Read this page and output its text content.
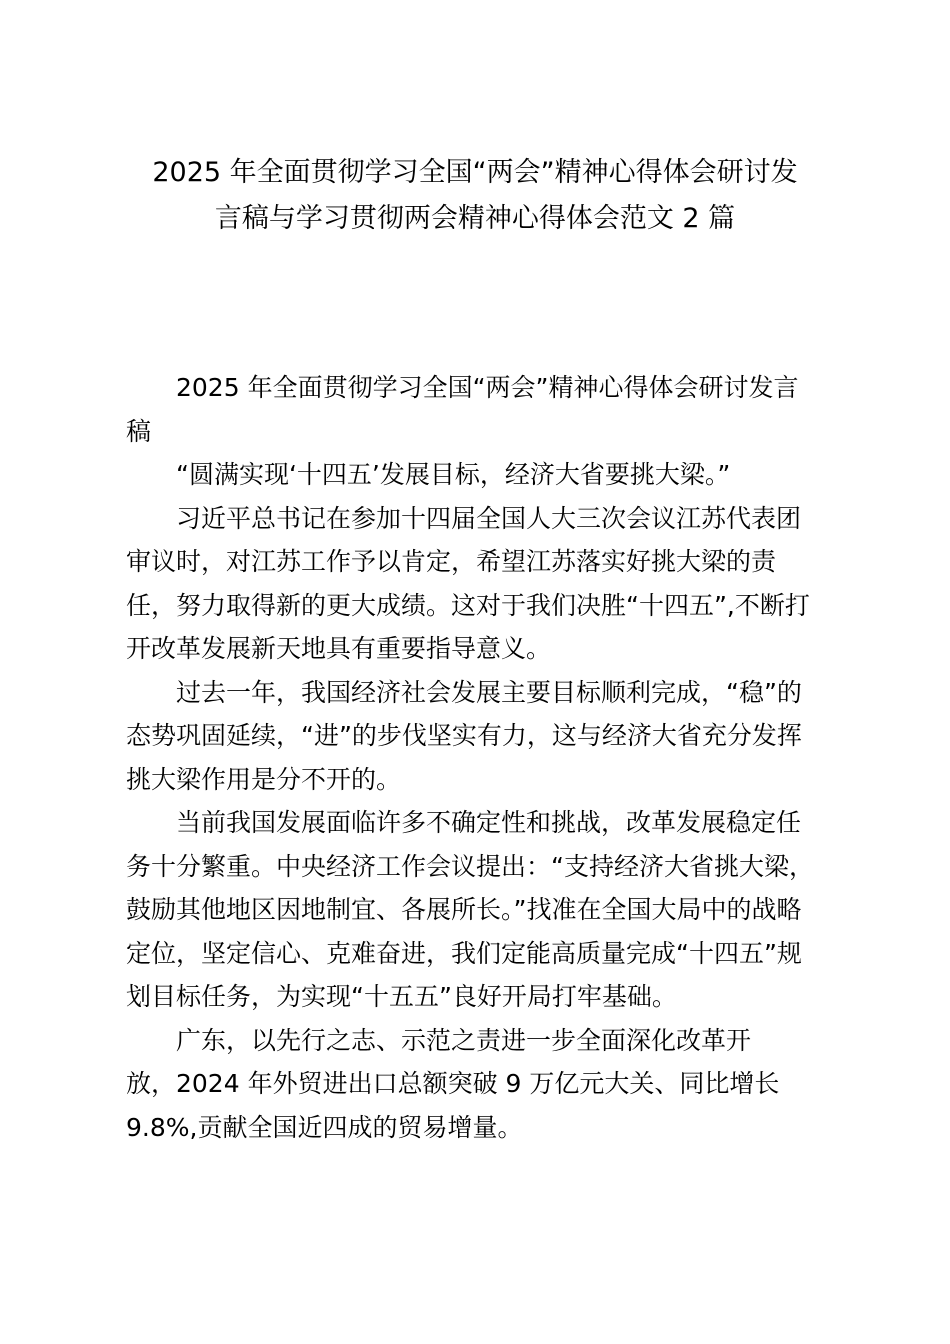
2025 年全面贯彻学习全国“两会”精神心得体会研讨发
言稿与学习贯彻两会精神心得体会范文 2 篇
2025 年全面贯彻学习全国“两会”精神心得体会研讨发言
稿
“圆满实现‘十四五’发展目标，经济大省要挑大梁。”
习近平总书记在参加十四届全国人大三次会议江苏代表团
审议时，对江苏工作予以肯定，希望江苏落实好挑大梁的责
任，努力取得新的更大成绩。这对于我们决胜“十四五”,不断打
开改革发展新天地具有重要指导意义。
过去一年，我国经济社会发展主要目标顺利完成，“稳”的
态势巩固延续，“进”的步伐坚实有力，这与经济大省充分发挥
挑大梁作用是分不开的。
当前我国发展面临许多不确定性和挑战，改革发展稳定任
务十分繁重。中央经济工作会议提出：“支持经济大省挑大梁，
鼓励其他地区因地制宜、各展所长。”找准在全国大局中的战略
定位，坚定信心、克难奋进，我们定能高质量完成“十四五”规
划目标任务，为实现“十五五”良好开局打牢基础。
广东，以先行之志、示范之责进一步全面深化改革开
放，2024 年外贸进出口总额突破 9 万亿元大关、同比增长
9.8%,贡献全国近四成的贸易增量。
